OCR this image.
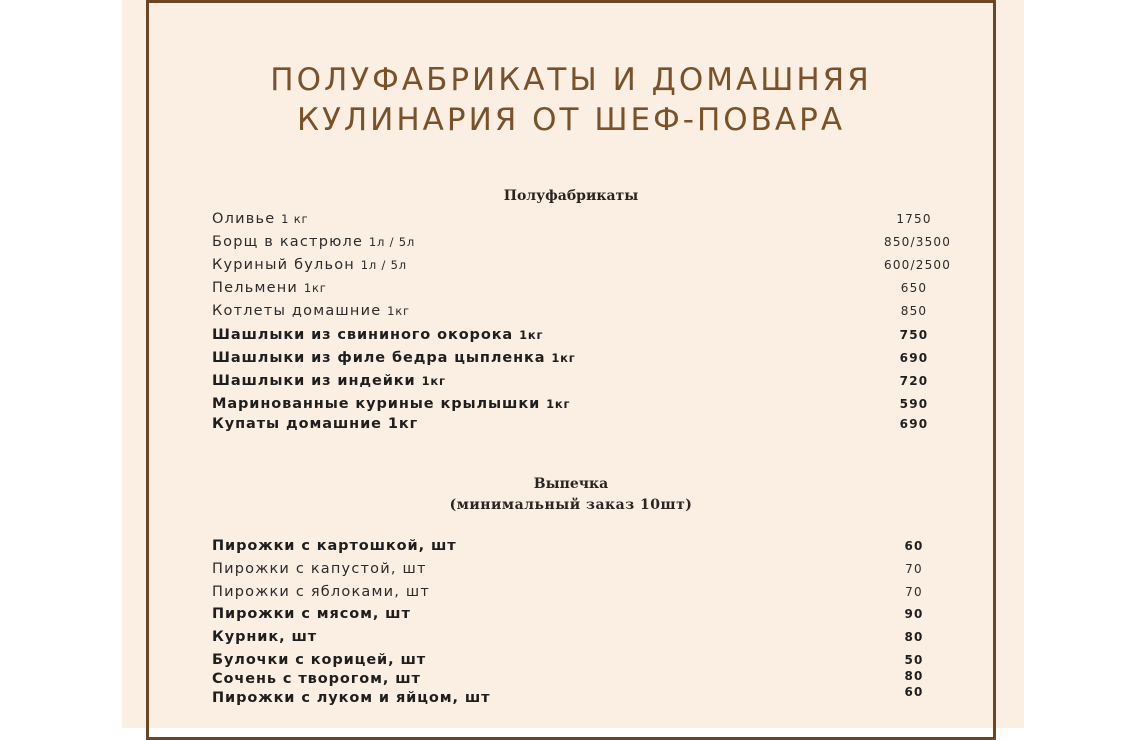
ПОЛУФАБРИКАТЫ И ДОМАШНЯЯ
КУЛИНАРИЯ ОТ ШЕФ-ПОВАРА
Полуфабрикаты
Оливье 1 кг	1750
Борщ в кастрюле 1л / 5л	850/3500
Куриный бульон 1л / 5л	600/2500
Пельмени 1кг	650
Котлеты домашние 1кг	850
Шашлыки из свининого окорока 1кг	750
Шашлыки из филе бедра цыпленка 1кг	690
Шашлыки из индейки 1кг	720
Маринованные куриные крылышки 1кг	590
Купаты домашние 1кг	690
Выпечка
(минимальный заказ 10шт)
Пирожки с картошкой, шт	60
Пирожки с капустой, шт	70
Пирожки с яблоками, шт	70
Пирожки с мясом, шт	90
Курник, шт	80
Булочки с корицей, шт	50
Сочень с творогом, шт	80
Пирожки с луком и яйцом, шт	60
